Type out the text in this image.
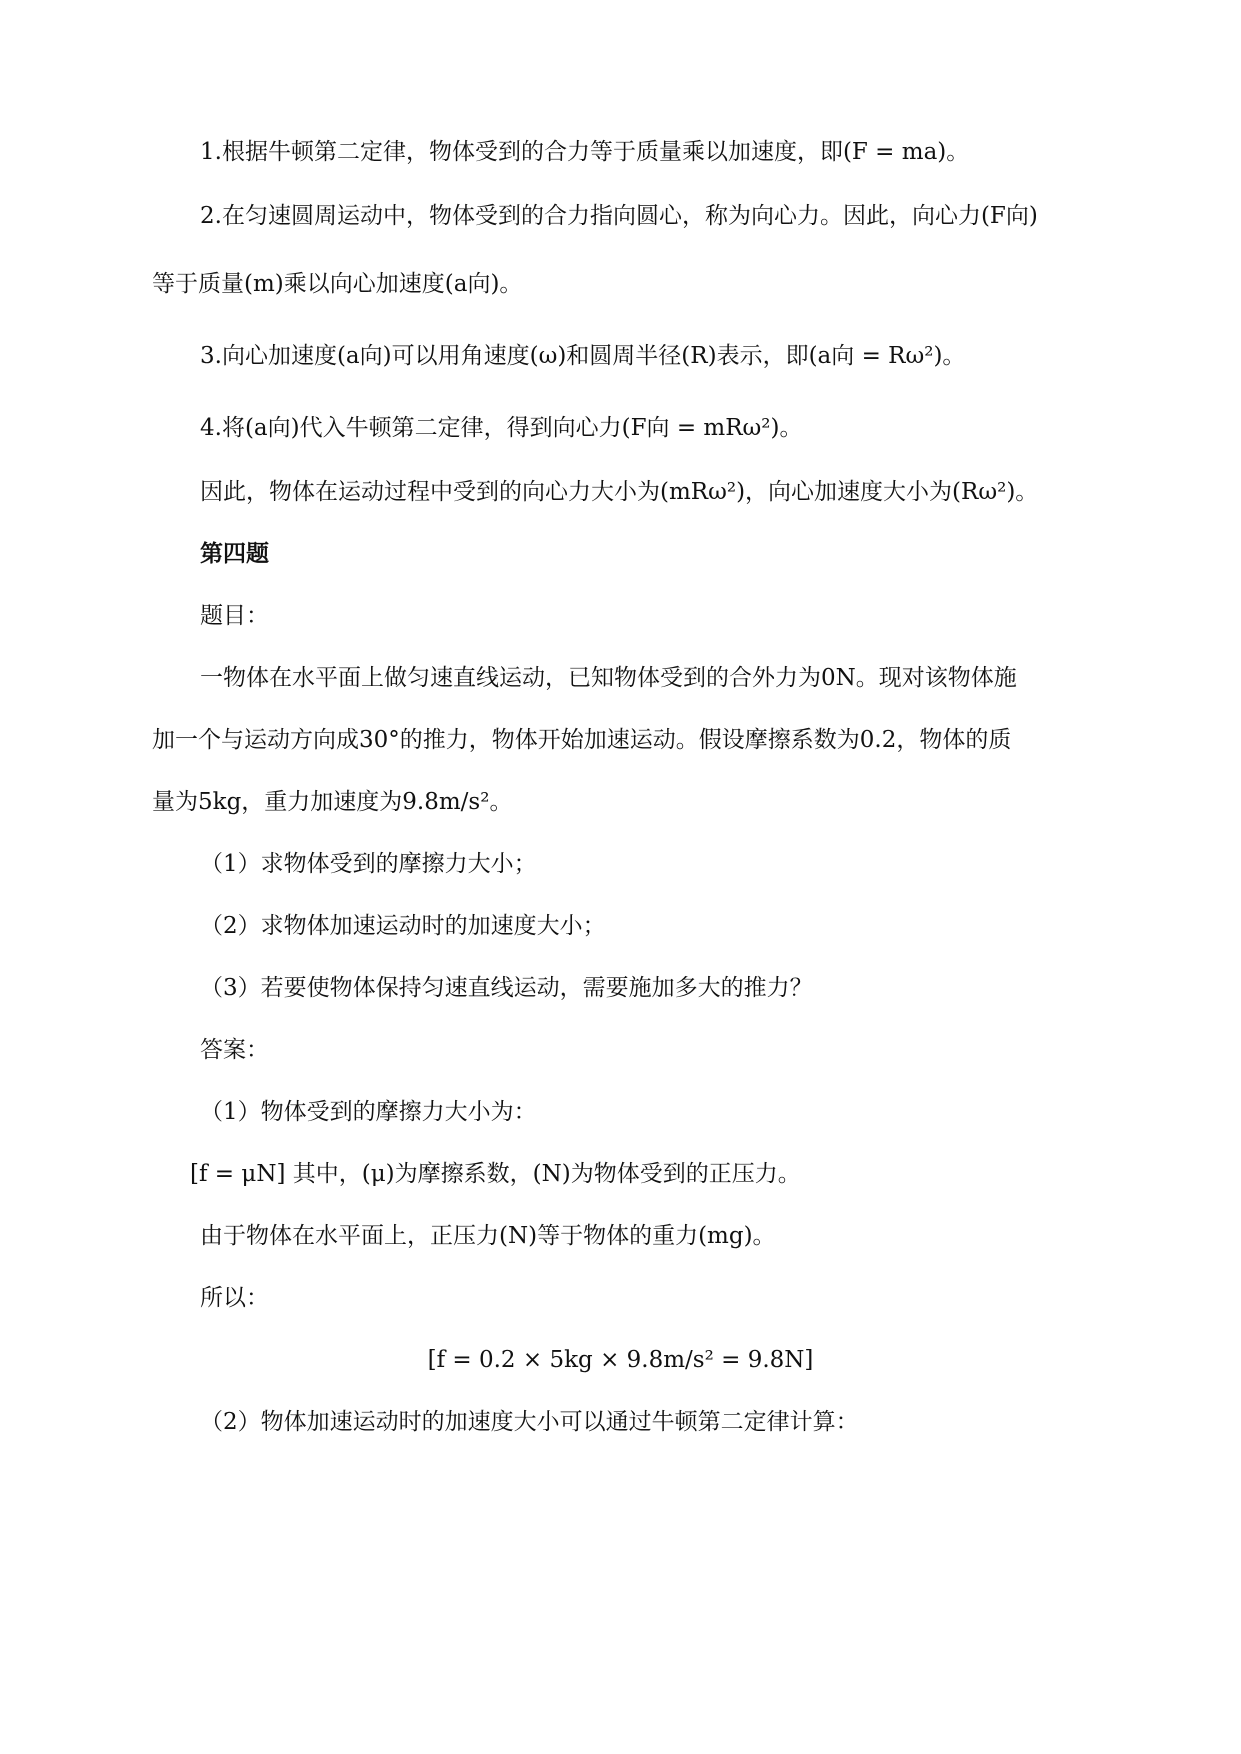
1.根据牛顿第二定律，物体受到的合力等于质量乘以加速度，即(F = ma)。
2.在匀速圆周运动中，物体受到的合力指向圆心，称为向心力。因此，向心力(F向)
等于质量(m)乘以向心加速度(a向)。
3.向心加速度(a向)可以用角速度(ω)和圆周半径(R)表示，即(a向 = Rω²)。
4.将(a向)代入牛顿第二定律，得到向心力(F向 = mRω²)。
因此，物体在运动过程中受到的向心力大小为(mRω²)，向心加速度大小为(Rω²)。
第四题
题目：
一物体在水平面上做匀速直线运动，已知物体受到的合外力为0N。现对该物体施
加一个与运动方向成30°的推力，物体开始加速运动。假设摩擦系数为0.2，物体的质
量为5kg，重力加速度为9.8m/s²。
（1）求物体受到的摩擦力大小；
（2）求物体加速运动时的加速度大小；
（3）若要使物体保持匀速直线运动，需要施加多大的推力？
答案：
（1）物体受到的摩擦力大小为：
[f = μN] 其中，(μ)为摩擦系数，(N)为物体受到的正压力。
由于物体在水平面上，正压力(N)等于物体的重力(mg)。
所以：
[f = 0.2 × 5kg × 9.8m/s² = 9.8N]
（2）物体加速运动时的加速度大小可以通过牛顿第二定律计算：
